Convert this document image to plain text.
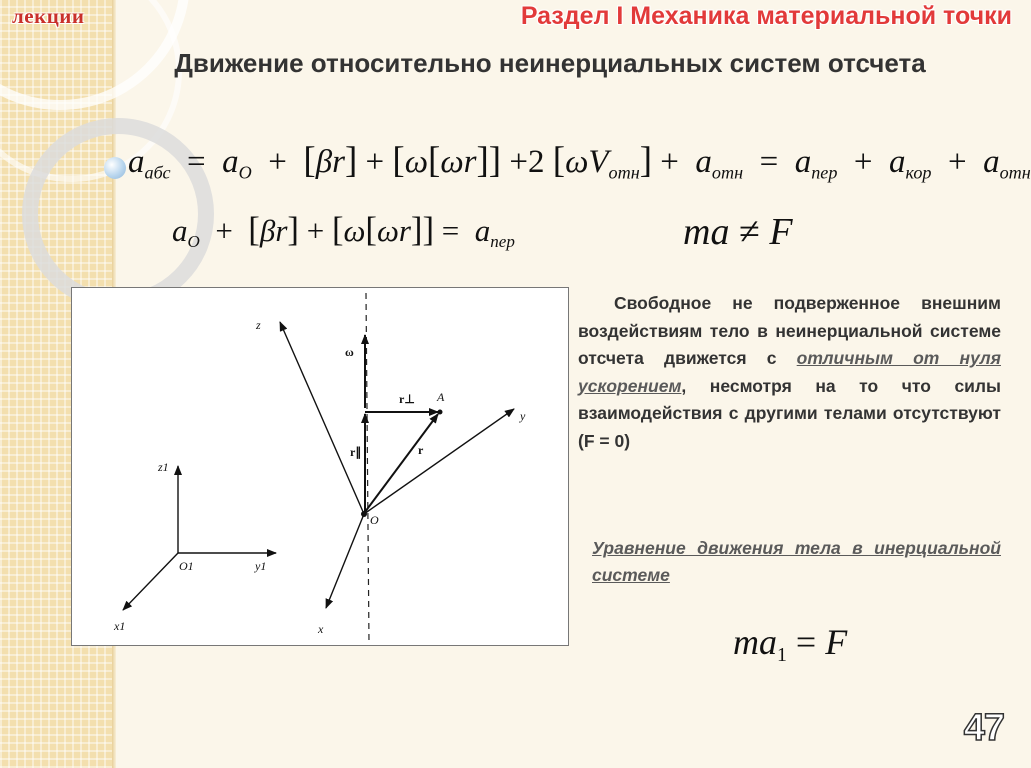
лекции	Раздел I Механика материальной точки
Движение относительно неинерциальных систем отсчета
$a_{абс} = a_O + [\beta r] + [\omega[\omega r]] +2$ $[\omega V_{отн}] + a_{отн} = a_{пер} + a_{кор} + a_{отн}$
$a_O + [\beta r] + [\omega[\omega r]] = a_{пер}$	ma ≠ F
z
y
x
ω
r⊥
r∥	r
A
O
z1
y1
x1
O1
Свободное не подверженное внешним воздействиям тело в неинерциальной системе отсчета движется с отличным от нуля ускорением, несмотря на то что силы взаимодействия с другими телами отсутствуют (F = 0)
Уравнение движения тела в инерциальной системе
$ma_1 = F$
47
